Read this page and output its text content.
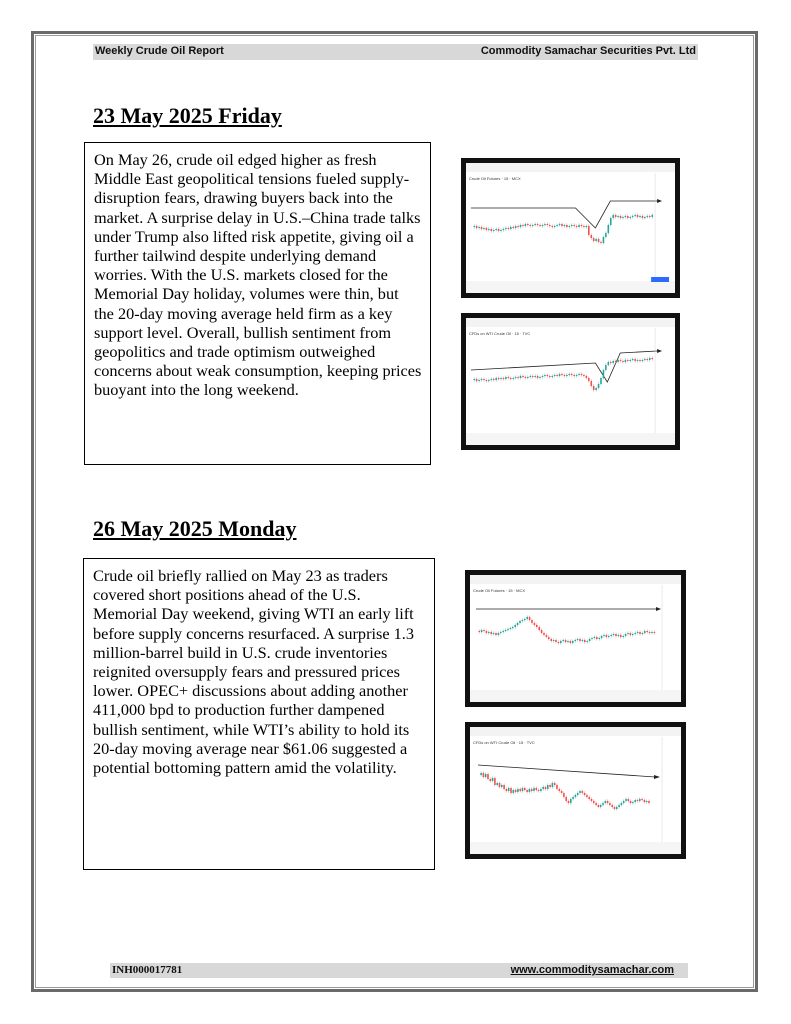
Weekly Crude Oil Report	Commodity Samachar Securities Pvt. Ltd
23 May 2025 Friday
On May 26, crude oil edged higher as fresh Middle East geopolitical tensions fueled supply-disruption fears, drawing buyers back into the market. A surprise delay in U.S.–China trade talks under Trump also lifted risk appetite, giving oil a further tailwind despite underlying demand worries. With the U.S. markets closed for the Memorial Day holiday, volumes were thin, but the 20-day moving average held firm as a key support level. Overall, bullish sentiment from geopolitics and trade optimism outweighed concerns about weak consumption, keeping prices buoyant into the long weekend.
Crude Oil Futures · 15 · MCX
CFDs on WTI Crude Oil · 15 · TVC
26 May 2025 Monday
Crude oil briefly rallied on May 23 as traders covered short positions ahead of the U.S. Memorial Day weekend, giving WTI an early lift before supply concerns resurfaced. A surprise 1.3 million-barrel build in U.S. crude inventories reignited oversupply fears and pressured prices lower. OPEC+ discussions about adding another 411,000 bpd to production further dampened bullish sentiment, while WTI’s ability to hold its 20-day moving average near $61.06 suggested a potential bottoming pattern amid the volatility.
Crude Oil Futures · 15 · MCX
CFDs on WTI Crude Oil · 15 · TVC
INH000017781	www.commoditysamachar.com
